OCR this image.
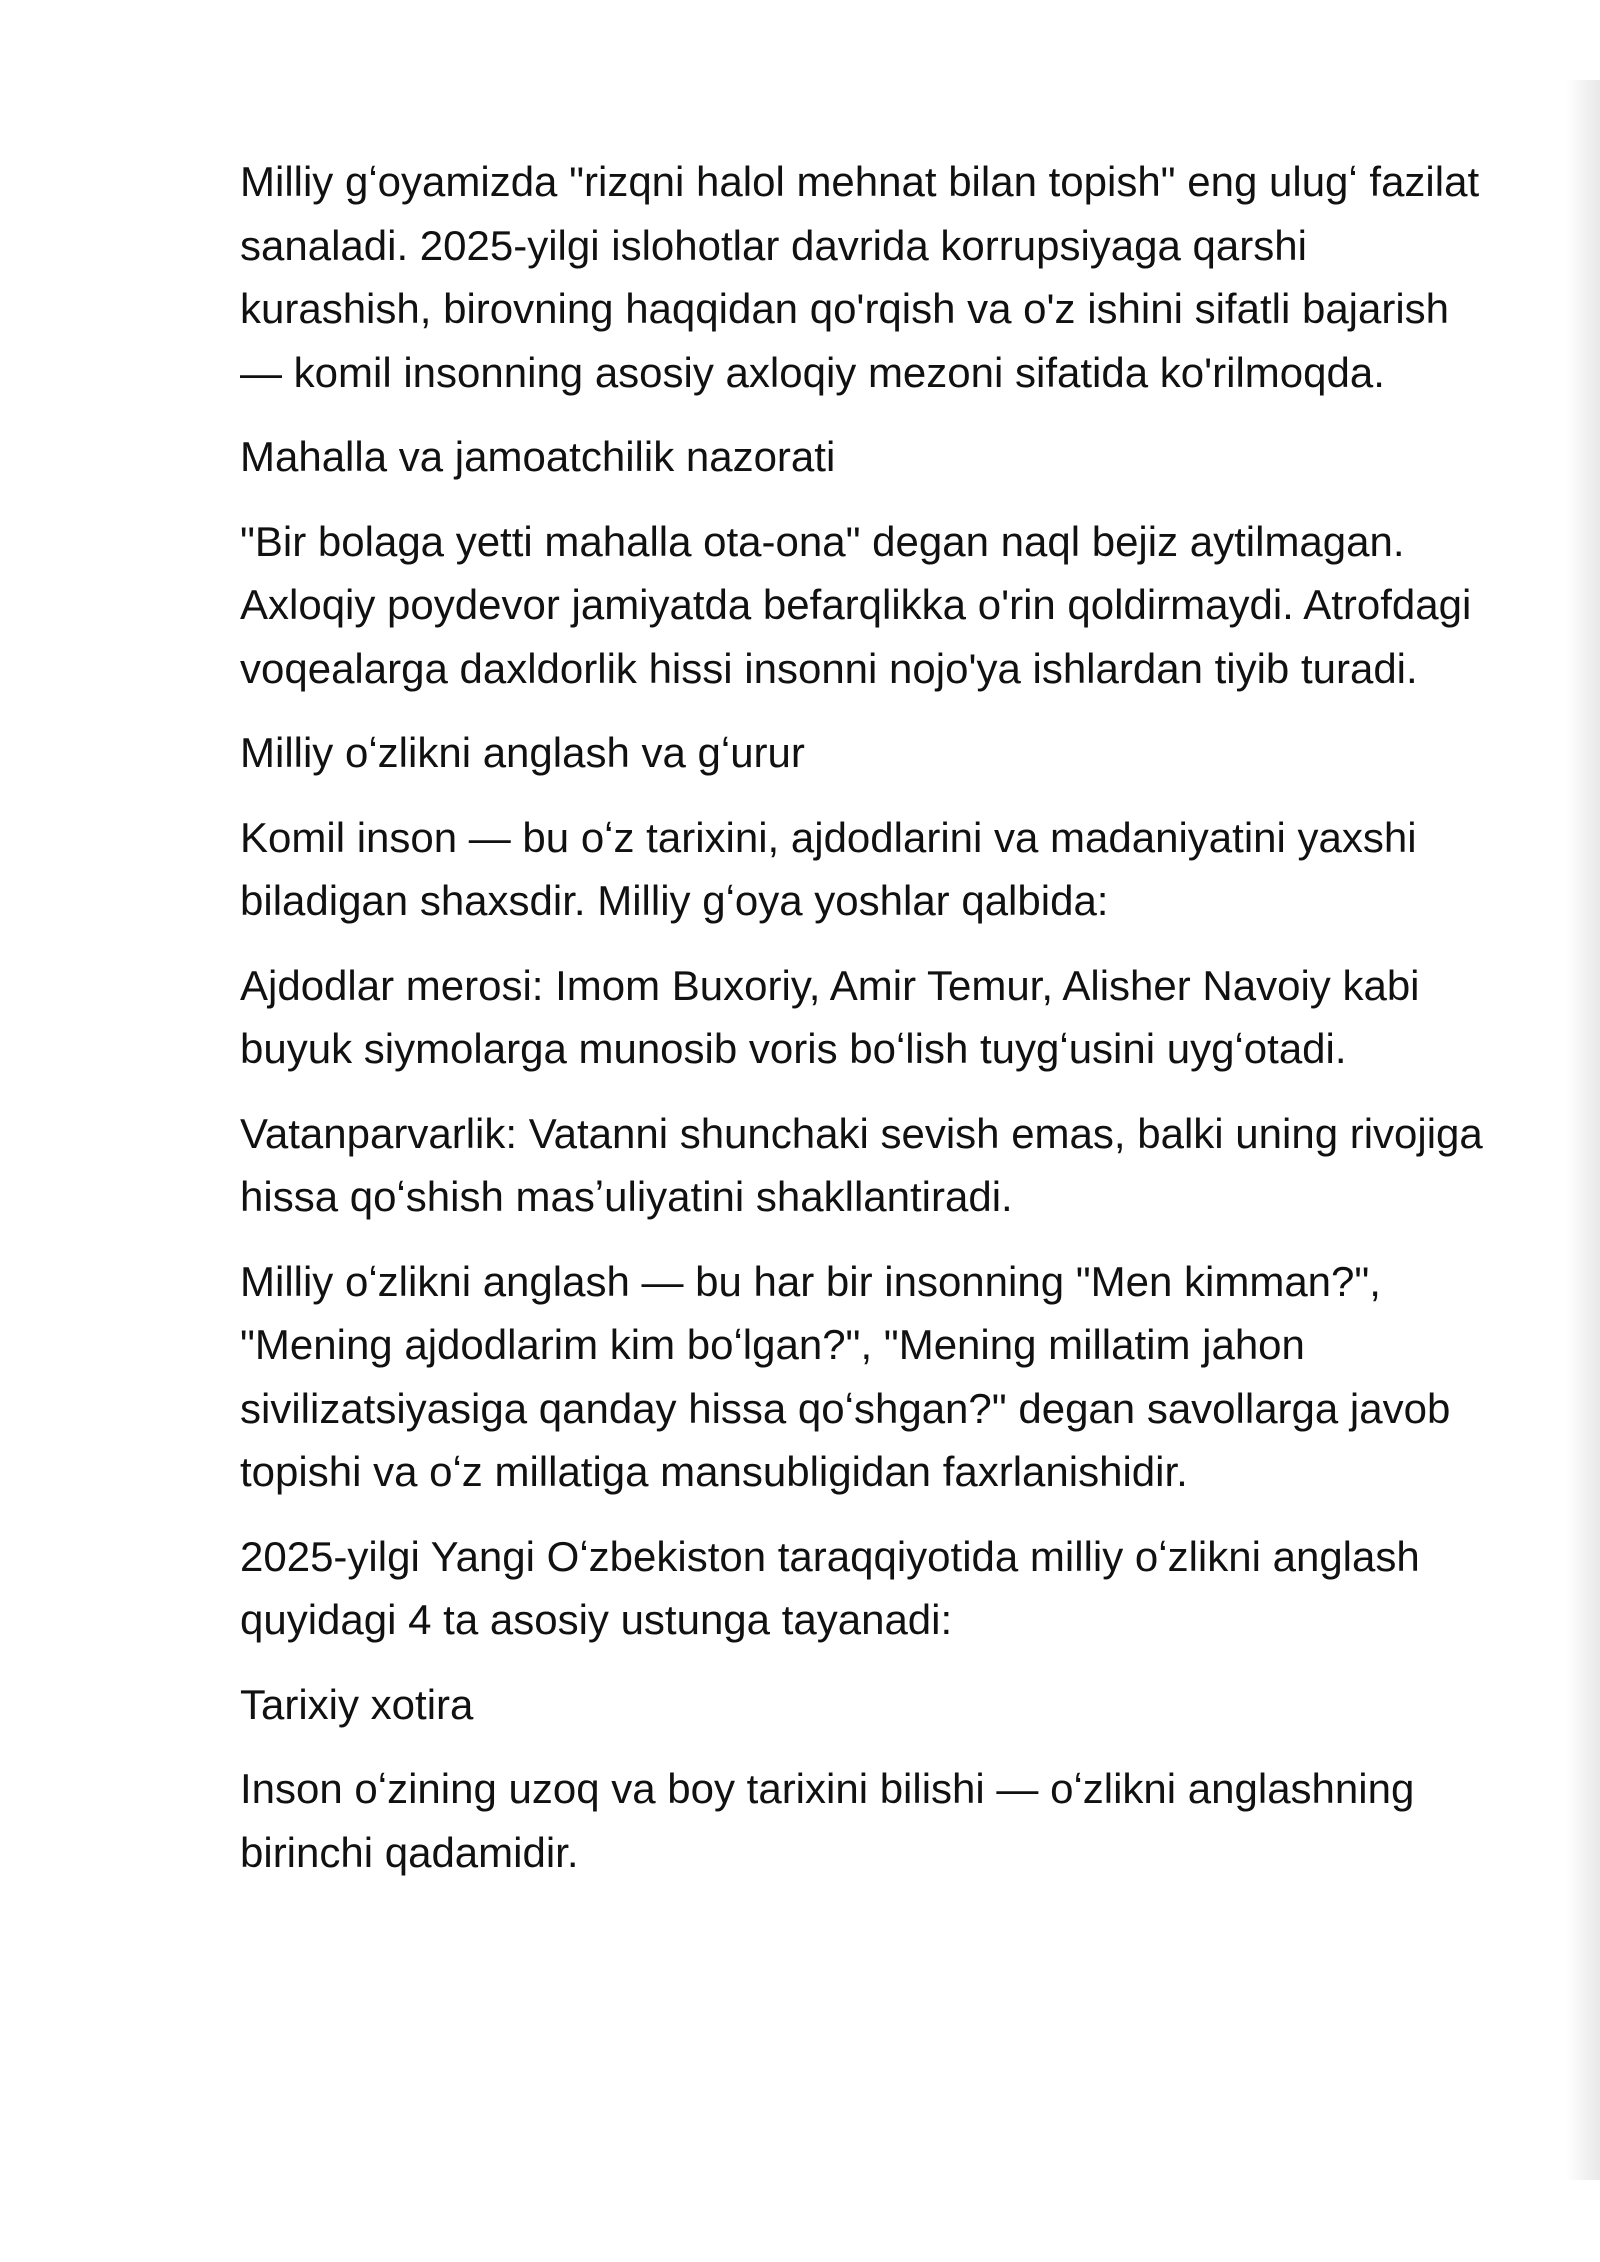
Milliy gʻoyamizda "rizqni halol mehnat bilan topish" eng ulugʻ fazilat sanaladi. 2025-yilgi islohotlar davrida korrupsiyaga qarshi kurashish, birovning haqqidan qo'rqish va o'z ishini sifatli bajarish — komil insonning asosiy axloqiy mezoni sifatida ko'rilmoqda.

Mahalla va jamoatchilik nazorati

"Bir bolaga yetti mahalla ota-ona" degan naql bejiz aytilmagan. Axloqiy poydevor jamiyatda befarqlikka o'rin qoldirmaydi. Atrofdagi voqealarga daxldorlik hissi insonni nojo'ya ishlardan tiyib turadi.

Milliy oʻzlikni anglash va gʻurur

Komil inson — bu oʻz tarixini, ajdodlarini va madaniyatini yaxshi biladigan shaxsdir. Milliy gʻoya yoshlar qalbida:

Ajdodlar merosi: Imom Buxoriy, Amir Temur, Alisher Navoiy kabi buyuk siymolarga munosib voris boʻlish tuygʻusini uygʻotadi.

Vatanparvarlik: Vatanni shunchaki sevish emas, balki uning rivojiga hissa qoʻshish masʼuliyatini shakllantiradi.

Milliy oʻzlikni anglash — bu har bir insonning "Men kimman?", "Mening ajdodlarim kim boʻlgan?", "Mening millatim jahon sivilizatsiyasiga qanday hissa qoʻshgan?" degan savollarga javob topishi va oʻz millatiga mansubligidan faxrlanishidir.

2025-yilgi Yangi Oʻzbekiston taraqqiyotida milliy oʻzlikni anglash quyidagi 4 ta asosiy ustunga tayanadi:

Tarixiy xotira

Inson oʻzining uzoq va boy tarixini bilishi — oʻzlikni anglashning birinchi qadamidir.
